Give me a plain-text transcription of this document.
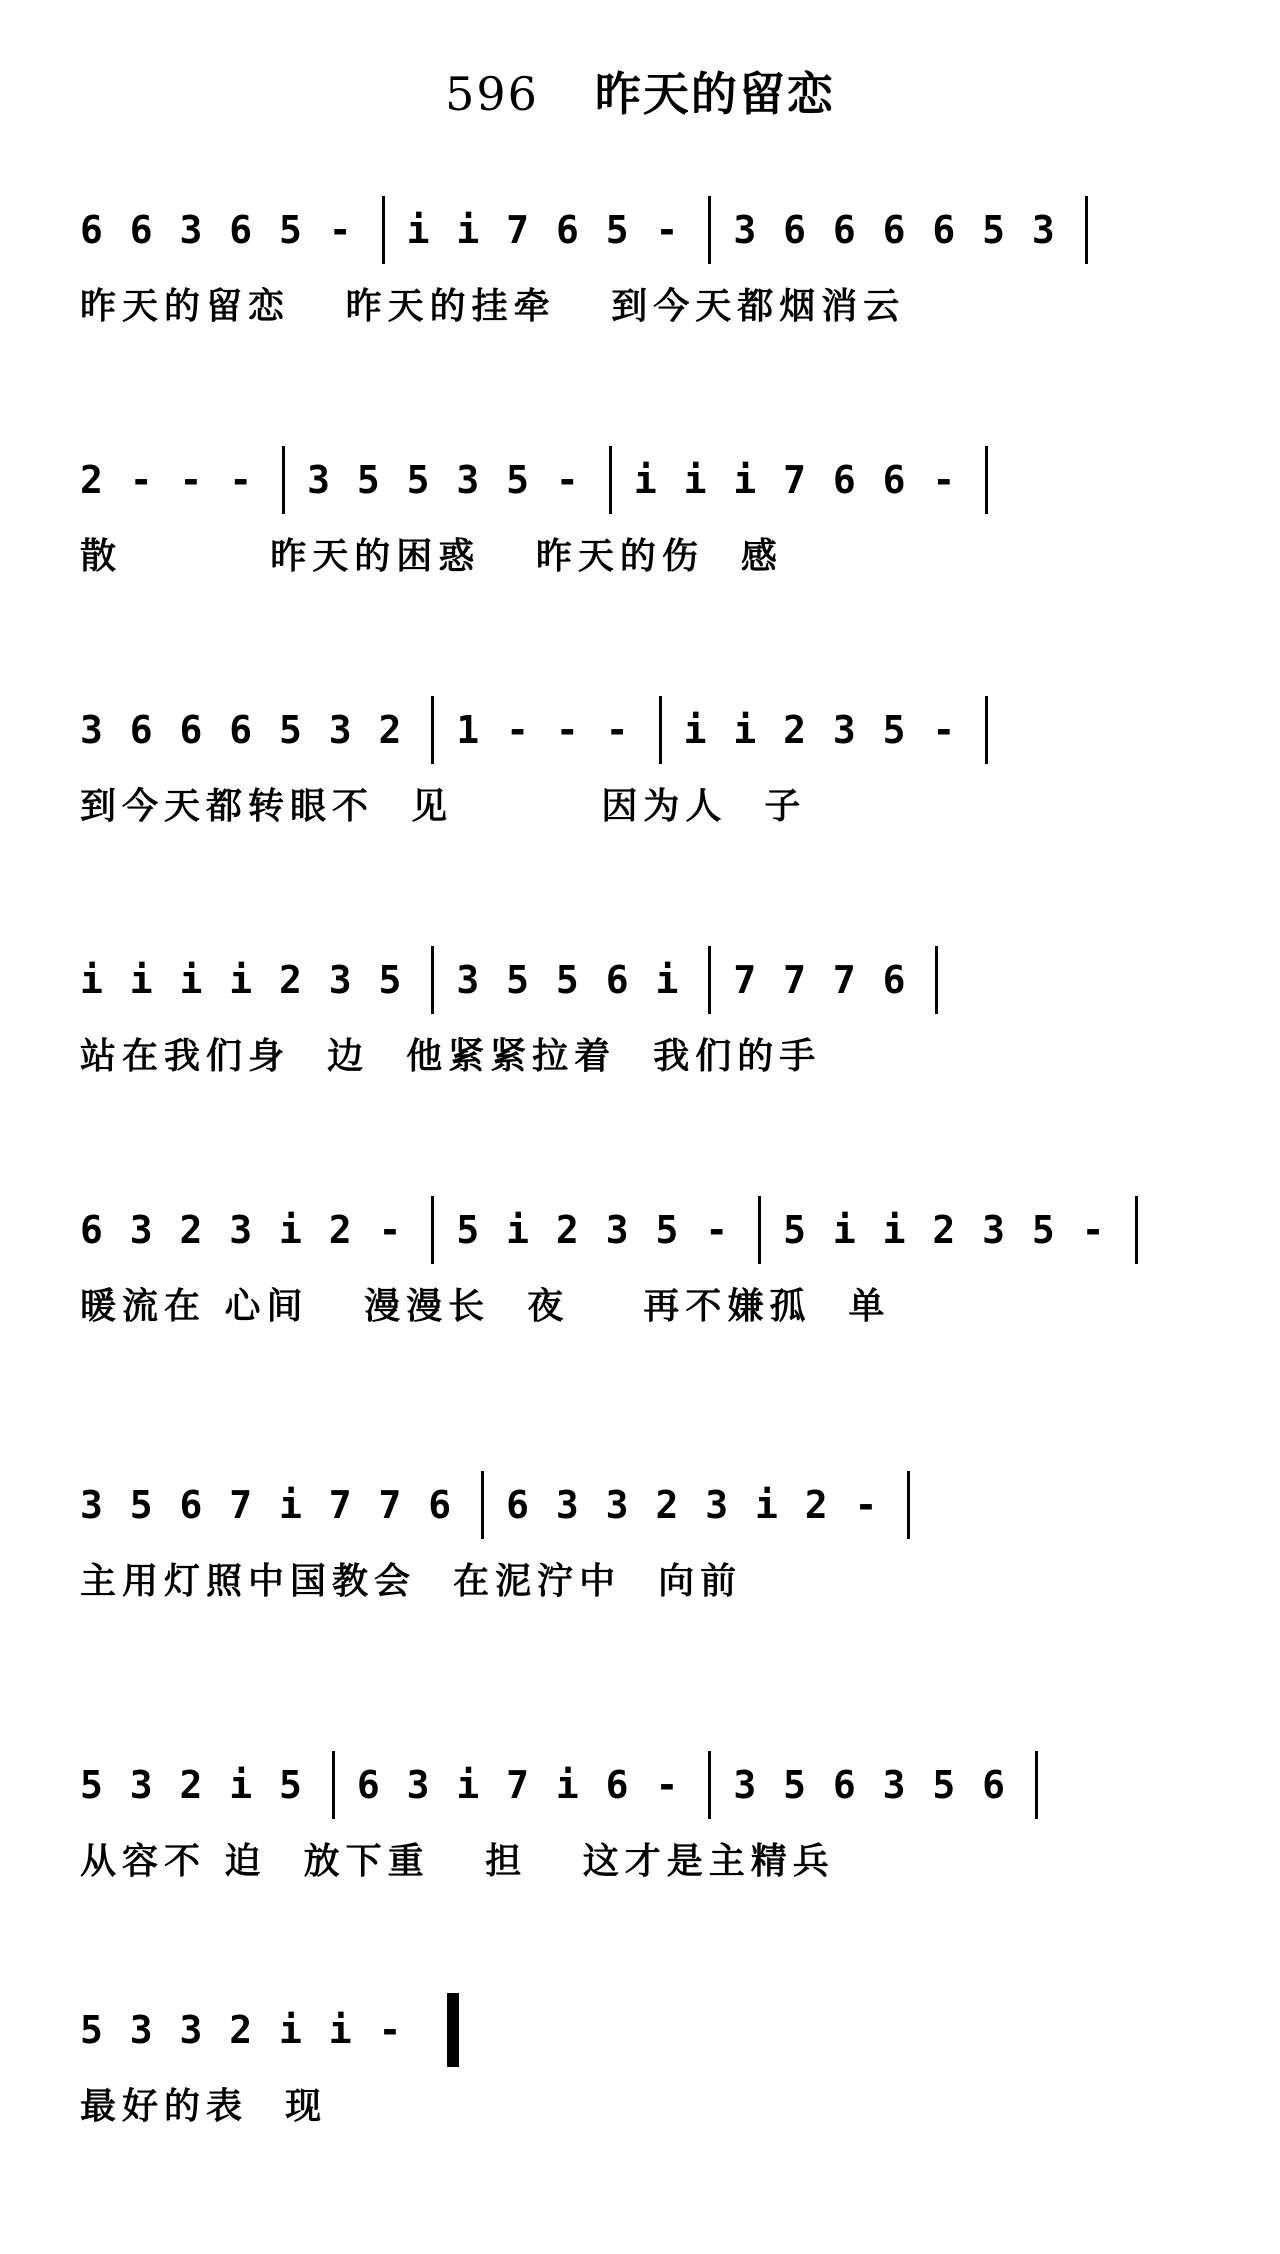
596 昨天的留恋
6 6 3 6 5 - i i 7 6 5 - 3 6 6 6 6 5 3
昨天的留恋   昨天的挂牵   到今天都烟消云
2 - - - 3 5 5 3 5 - i i i 7 6 6 -
散        昨天的困惑   昨天的伤  感
3 6 6 6 5 3 2 1 - - - i i 2 3 5 -
到今天都转眼不  见        因为人  子
i i i i 2 3 5 3 5 5 6 i 7 7 7 6
站在我们身  边  他紧紧拉着  我们的手
6 3 2 3 i 2 - 5 i 2 3 5 - 5 i i 2 3 5 -
暖流在 心间   漫漫长  夜    再不嫌孤  单
3 5 6 7 i 7 7 6 6 3 3 2 3 i 2 -
主用灯照中国教会  在泥泞中  向前
5 3 2 i 5 6 3 i 7 i 6 - 3 5 6 3 5 6
从容不 迫  放下重   担   这才是主精兵
5 3 3 2 i i -
最好的表  现
